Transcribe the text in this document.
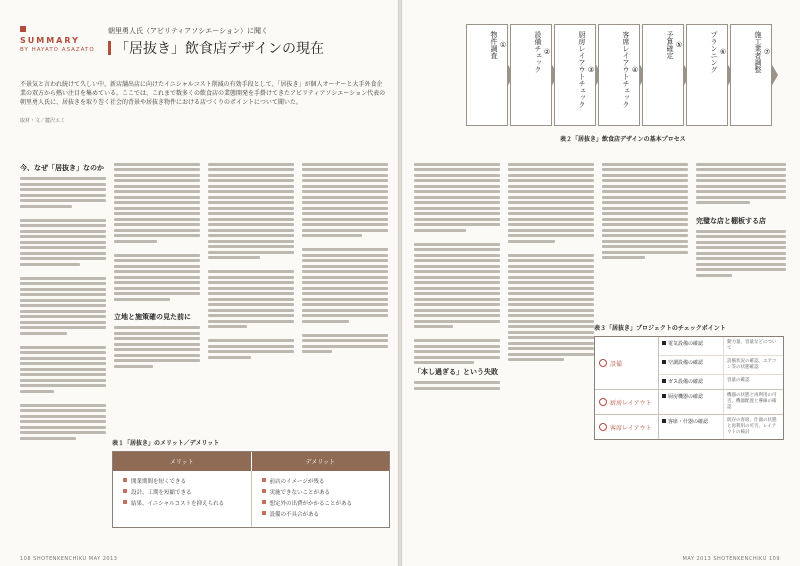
SUMMARY
BY HAYATO ASAZATO
朝里勇人氏（アビリティアソシエーション）に聞く
「居抜き」飲食店デザインの現在

不景気と言われ続けて久しい中、新店舗出店に向けたイニシャルコスト削減の有効手段として、「居抜き」が個人オーナーと大手外食企業の双方から熱い注目を集めている。ここでは、これまで数多くの飲食店の業態開発を手掛けてきたアビリティアソシエーション代表の朝里勇人氏に、居抜きを取り巻く社会的背景や居抜き物件における店づくりのポイントについて聞いた。

取材・文／麓沢エミ
今、なぜ「居抜き」なのか
立地と施策確の見た前に
表１「居抜き」のメリット／デメリット
メリット	デメリット
開業期間を短くできる
設計、工期を短縮できる
結果、イニシャルコストを抑えられる
前店のイメージが残る
実施できないことがある
想定外の出費がかかることがある
設備の不具合がある
108 SHOTENKENCHIKU MAY 2013
「本し過ぎる」という失敗
完璧な店と棚板する店
①
物件調査	②
設備チェック	③
厨房レイアウトチェック	④
客席レイアウトチェック	⑤
予算確定	⑥
プランニング	⑦
施工業者調整
表２「居抜き」飲食店デザインの基本プロセス
表３「居抜き」プロジェクトのチェックポイント
設備
電気設備の確認	動力量、容量などについて
空調設備の確認	設備状況の確認、エアコン等の状態確認
ガス設備の確認	容量の確認
厨房レイアウト
厨房機器の確認	機器の状態と再利用の可否、機器配置と導線の確認
客席レイアウト
客席・什器の確認	既存の客席、什器の状態と再利用の可否、レイアウトの検討
MAY 2013 SHOTENKENCHIKU 109
